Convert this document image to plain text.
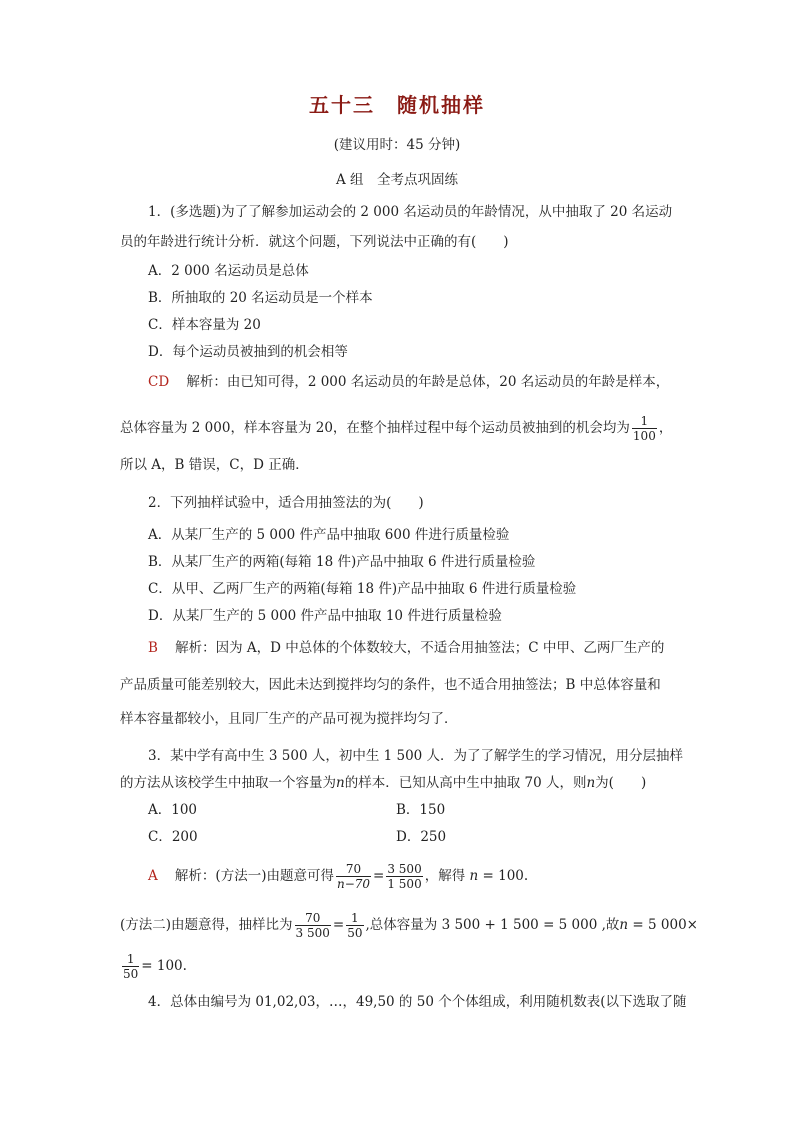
五十三　随机抽样
(建议用时：45 分钟)
A 组　全考点巩固练
1．(多选题)为了了解参加运动会的 2 000 名运动员的年龄情况，从中抽取了 20 名运动
员的年龄进行统计分析．就这个问题，下列说法中正确的有(　　)
A．2 000 名运动员是总体
B．所抽取的 20 名运动员是一个样本
C．样本容量为 20
D．每个运动员被抽到的机会相等
CD 解析：由已知可得，2 000 名运动员的年龄是总体，20 名运动员的年龄是样本，
总体容量为 2 000，样本容量为 20，在整个抽样过程中每个运动员被抽到的机会均为 $\frac{1}{100}$ ，
所以 A，B 错误，C，D 正确．
2．下列抽样试验中，适合用抽签法的为(　　)
A．从某厂生产的 5 000 件产品中抽取 600 件进行质量检验
B．从某厂生产的两箱(每箱 18 件)产品中抽取 6 件进行质量检验
C．从甲、乙两厂生产的两箱(每箱 18 件)产品中抽取 6 件进行质量检验
D．从某厂生产的 5 000 件产品中抽取 10 件进行质量检验
B 解析：因为 A，D 中总体的个体数较大，不适合用抽签法；C 中甲、乙两厂生产的
产品质量可能差别较大，因此未达到搅拌均匀的条件，也不适合用抽签法；B 中总体容量和
样本容量都较小，且同厂生产的产品可视为搅拌均匀了．
3．某中学有高中生 3 500 人，初中生 1 500 人．为了了解学生的学习情况，用分层抽样
的方法从该校学生中抽取一个容量为n的样本．已知从高中生中抽取 70 人，则n为(　　)
A．100	B．150
C．200	D．250
A 解析：(方法一)由题意可得 $\frac{70}{n-70} = \frac{3 500}{1 500}$ ，解得 n = 100.
(方法二)由题意得，抽样比为 $\frac{70}{3 500} = \frac{1}{50}$ ,总体容量为 3 500 + 1 500 = 5 000 ,故n = 5 000×
$\frac{1}{50} = 100$.
4．总体由编号为 01,02,03，…，49,50 的 50 个个体组成，利用随机数表(以下选取了随
